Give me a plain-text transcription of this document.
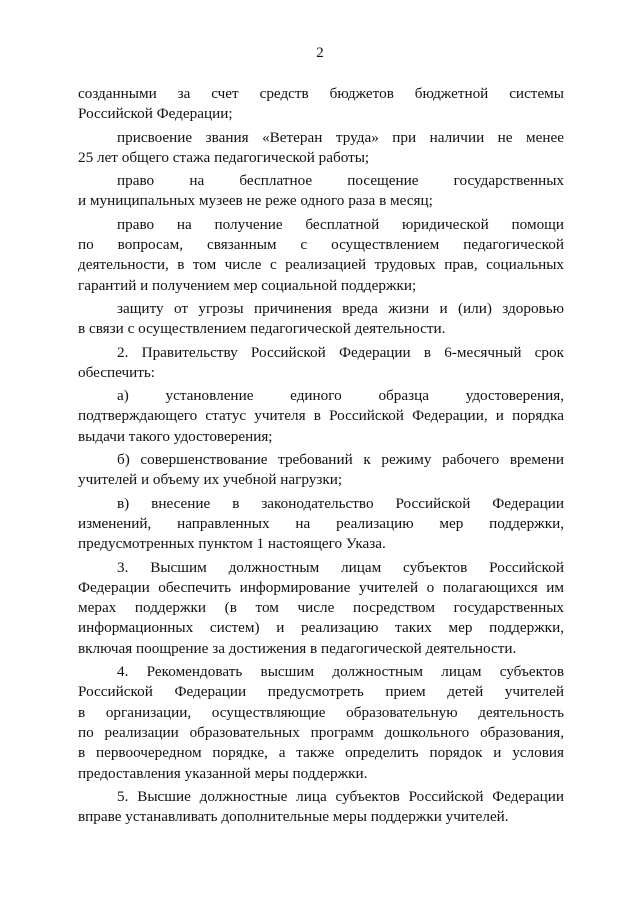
2
созданными за счет средств бюджетов бюджетной системы
Российской Федерации;
присвоение звания «Ветеран труда» при наличии не менее
25 лет общего стажа педагогической работы;
право на бесплатное посещение государственных
и муниципальных музеев не реже одного раза в месяц;
право на получение бесплатной юридической помощи
по вопросам, связанным с осуществлением педагогической
деятельности, в том числе с реализацией трудовых прав, социальных
гарантий и получением мер социальной поддержки;
защиту от угрозы причинения вреда жизни и (или) здоровью
в связи с осуществлением педагогической деятельности.
2. Правительству Российской Федерации в 6-месячный срок
обеспечить:
а) установление единого образца удостоверения,
подтверждающего статус учителя в Российской Федерации, и порядка
выдачи такого удостоверения;
б) совершенствование требований к режиму рабочего времени
учителей и объему их учебной нагрузки;
в) внесение в законодательство Российской Федерации
изменений, направленных на реализацию мер поддержки,
предусмотренных пунктом 1 настоящего Указа.
3. Высшим должностным лицам субъектов Российской
Федерации обеспечить информирование учителей о полагающихся им
мерах поддержки (в том числе посредством государственных
информационных систем) и реализацию таких мер поддержки,
включая поощрение за достижения в педагогической деятельности.
4. Рекомендовать высшим должностным лицам субъектов
Российской Федерации предусмотреть прием детей учителей
в организации, осуществляющие образовательную деятельность
по реализации образовательных программ дошкольного образования,
в первоочередном порядке, а также определить порядок и условия
предоставления указанной меры поддержки.
5. Высшие должностные лица субъектов Российской Федерации
вправе устанавливать дополнительные меры поддержки учителей.
